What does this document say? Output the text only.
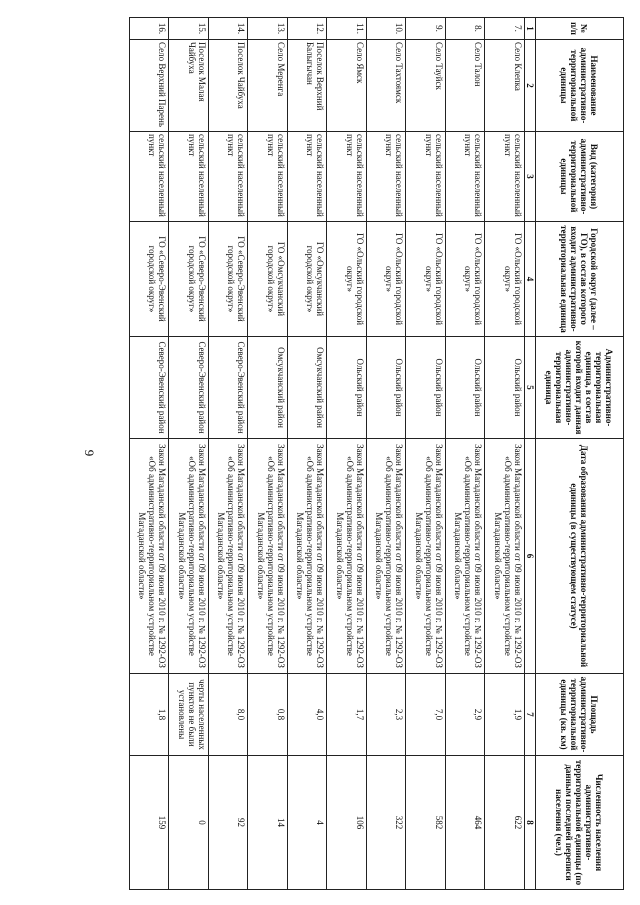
9
№ п/п	Наименование административно-территориальной единицы	Вид (категория) административно-территориальной единицы	Городской округ (далее – ГО), в состав которого входит административно-территориальная единица	Административно-территориальная единица, в состав которой входит данная административно-территориальная единица	Дата образования административно-территориальной единицы (в существующем статусе)	Площадь административно-территориальной единицы (кв. км)	Численность населения административно-территориальной единицы (по данным последней переписи населения (чел.)
1	2	3	4	5	6	7	8
7.	Село Клепка	сельский населенный пункт	ГО «Ольский городской округ»	Ольский район	Закон Магаданской области от 09 июня 2010 г. № 1292-ОЗ «Об административно-территориальном устройстве Магаданской области»	1,9	622
8.	Село Талон	сельский населенный пункт	ГО «Ольский городской округ»	Ольский район	Закон Магаданской области от 09 июня 2010 г. № 1292-ОЗ «Об административно-территориальном устройстве Магаданской области»	2,9	464
9.	Село Тауйск	сельский населенный пункт	ГО «Ольский городской округ»	Ольский район	Закон Магаданской области от 09 июня 2010 г. № 1292-ОЗ «Об административно-территориальном устройстве Магаданской области»	7,0	582
10.	Село Тахтоямск	сельский населенный пункт	ГО «Ольский городской округ»	Ольский район	Закон Магаданской области от 09 июня 2010 г. № 1292-ОЗ «Об административно-территориальном устройстве Магаданской области»	2,3	322
11.	Село Ямск	сельский населенный пункт	ГО «Ольский городской округ»	Ольский район	Закон Магаданской области от 09 июня 2010 г. № 1292-ОЗ «Об административно-территориальном устройстве Магаданской области»	1,7	106
12.	Поселок Верхний Балыгычан	сельский населенный пункт	ГО «Омсукчанский городской округ»	Омсукчанский район	Закон Магаданской области от 09 июня 2010 г. № 1292-ОЗ «Об административно-территориальном устройстве Магаданской области»	4,0	4
13.	Село Меренга	сельский населенный пункт	ГО «Омсукчанский городской округ»	Омсукчанский район	Закон Магаданской области от 09 июня 2010 г. № 1292-ОЗ «Об административно-территориальном устройстве Магаданской области»	0,8	14
14.	Поселок Чайбуха	сельский населенный пункт	ГО «Северо-Эвенский городской округ»	Северо-Эвенский район	Закон Магаданской области от 09 июня 2010 г. № 1292-ОЗ «Об административно-территориальном устройстве Магаданской области»	8,0	92
15.	Поселок Малая Чайбуха	сельский населенный пункт	ГО «Северо-Эвенский городской округ»	Северо-Эвенский район	Закон Магаданской области от 09 июня 2010 г. № 1292-ОЗ «Об административно-территориальном устройстве Магаданской области»	черты населенных пунктов не были установлены	0
16.	Село Верхний Парень	сельский населенный пункт	ГО «Северо-Эвенский городской округ»	Северо-Эвенский район	Закон Магаданской области от 09 июня 2010 г. № 1292-ОЗ «Об административно-территориальном устройстве Магаданской области»	1,8	159
